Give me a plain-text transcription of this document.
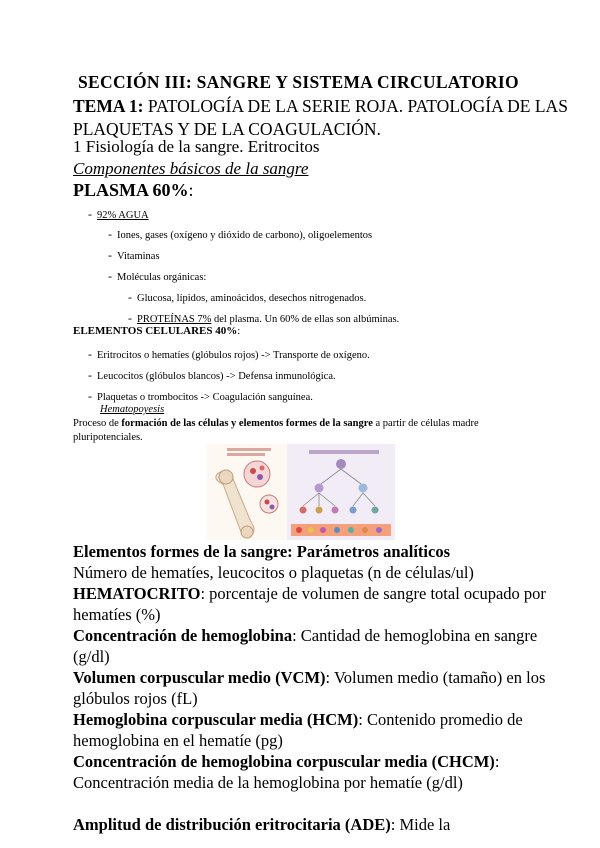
SECCIÓN III: SANGRE Y SISTEMA CIRCULATORIO
TEMA 1: PATOLOGÍA DE LA SERIE ROJA. PATOLOGÍA DE LAS PLAQUETAS Y DE LA COAGULACIÓN.
1 Fisiología de la sangre. Eritrocitos
Componentes básicos de la sangre
PLASMA 60%:
- 92% AGUA
- Iones, gases (oxígeno y dióxido de carbono), oligoelementos
- Vitaminas
- Moléculas orgánicas:
- Glucosa, lípidos, aminoácidos, desechos nitrogenados.
- PROTEÍNAS 7% del plasma. Un 60% de ellas son albúminas.
ELEMENTOS CELULARES 40%:
- Eritrocitos o hematíes (glóbulos rojos) -> Transporte de oxígeno.
- Leucocitos (glóbulos blancos) -> Defensa inmunológica.
- Plaquetas o trombocitos -> Coagulación sanguínea.
Hematopoyesis
Proceso de formación de las células y elementos formes de la sangre a partir de células madre pluripotenciales.
Elementos formes de la sangre: Parámetros analíticos
Número de hematíes, leucocitos o plaquetas (n de células/ul)
HEMATOCRITO: porcentaje de volumen de sangre total ocupado por hematíes (%)
Concentración de hemoglobina: Cantidad de hemoglobina en sangre (g/dl)
Volumen corpuscular medio (VCM): Volumen medio (tamaño) en los glóbulos rojos (fL)
Hemoglobina corpuscular media (HCM): Contenido promedio de hemoglobina en el hematíe (pg)
Concentración de hemoglobina corpuscular media (CHCM): Concentración media de la hemoglobina por hematíe (g/dl)
Amplitud de distribución eritrocitaria (ADE): Mide la
